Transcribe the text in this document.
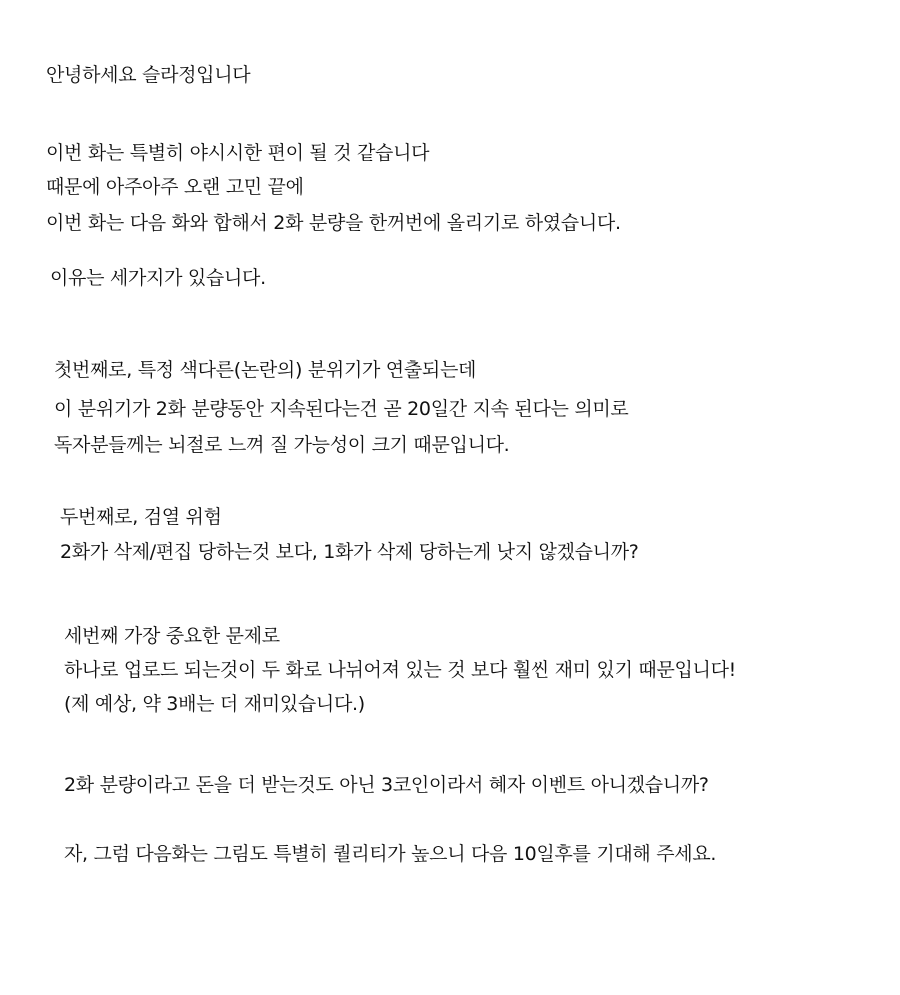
안녕하세요 슬라정입니다
이번 화는 특별히 야시시한 편이 될 것 같습니다
때문에 아주아주 오랜 고민 끝에
이번 화는 다음 화와 합해서 2화 분량을 한꺼번에 올리기로 하였습니다.
이유는 세가지가 있습니다.
첫번째로, 특정 색다른(논란의) 분위기가 연출되는데
이 분위기가 2화 분량동안 지속된다는건 곧 20일간 지속 된다는 의미로
독자분들께는 뇌절로 느껴 질 가능성이 크기 때문입니다.
두번째로, 검열 위험
2화가 삭제/편집 당하는것 보다, 1화가 삭제 당하는게 낫지 않겠습니까?
세번째 가장 중요한 문제로
하나로 업로드 되는것이 두 화로 나뉘어져 있는 것 보다 훨씬 재미 있기 때문입니다!
(제 예상, 약 3배는 더 재미있습니다.)
2화 분량이라고 돈을 더 받는것도 아닌 3코인이라서 혜자 이벤트 아니겠습니까?
자, 그럼 다음화는 그림도 특별히 퀄리티가 높으니 다음 10일후를 기대해 주세요.
